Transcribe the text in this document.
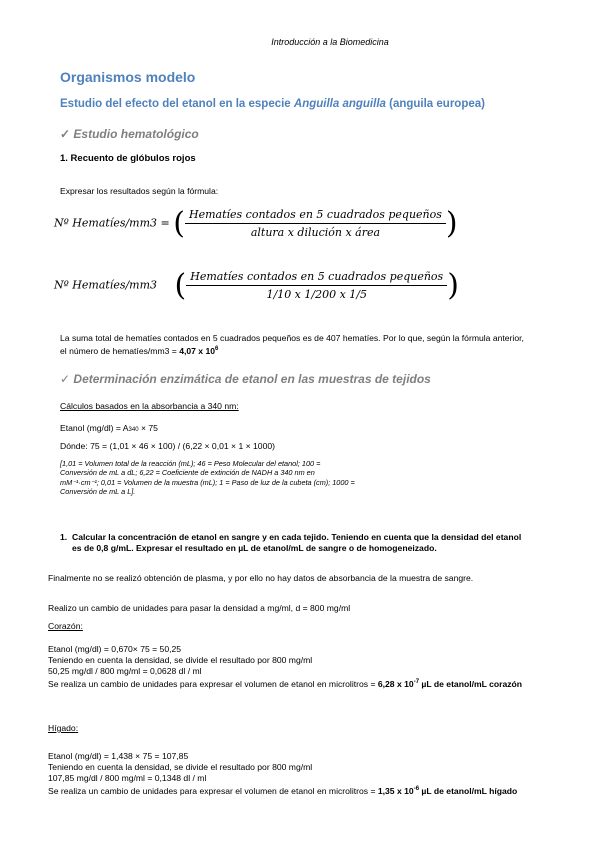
Introducción a la Biomedicina
Organismos modelo
Estudio del efecto del etanol en la especie Anguilla anguilla (anguila europea)
✓ Estudio hematológico
1. Recuento de glóbulos rojos
Expresar los resultados según la fórmula:
Nº Hematíes/mm3 = ( $\frac{\text{Hematíes contados en 5 cuadrados pequeños}}{\text{altura x dilución x área}}$ )
Nº Hematíes/mm3 ( $\frac{\text{Hematíes contados en 5 cuadrados pequeños}}{1/10 x 1/200 x 1/5}$ )
La suma total de hematíes contados en 5 cuadrados pequeños es de 407 hematíes. Por lo que, según la fórmula anterior, el número de hematíes/mm3 = 4,07 x $10^6$
✓ Determinación enzimática de etanol en las muestras de tejidos
Cálculos basados en la absorbancia a 340 nm:
Etanol (mg/dl) = A340 × 75
Dónde: 75 = (1,01 × 46 × 100) / (6,22 × 0,01 × 1 × 1000)
[1,01 = Volumen total de la reacción (mL); 46 = Peso Molecular del etanol; 100 = Conversión de mL a dL; 6,22 = Coeficiente de extinción de NADH a 340 nm en mM⁻¹·cm⁻¹; 0,01 = Volumen de la muestra (mL); 1 = Paso de luz de la cubeta (cm); 1000 = Conversión de mL a L].
1. Calcular la concentración de etanol en sangre y en cada tejido. Teniendo en cuenta que la densidad del etanol es de 0,8 g/mL. Expresar el resultado en µL de etanol/mL de sangre o de homogeneizado.
Finalmente no se realizó obtención de plasma, y por ello no hay datos de absorbancia de la muestra de sangre.
Realizo un cambio de unidades para pasar la densidad a mg/ml, d = 800 mg/ml
Corazón:
Etanol (mg/dl) = 0,670× 75 = 50,25
Teniendo en cuenta la densidad, se divide el resultado por 800 mg/ml
50,25 mg/dl / 800 mg/ml = 0,0628 dl / ml
Se realiza un cambio de unidades para expresar el volumen de etanol en microlitros = 6,28 x $10^{-7}$ µL de etanol/mL corazón
Hígado:
Etanol (mg/dl) = 1,438 × 75 = 107,85
Teniendo en cuenta la densidad, se divide el resultado por 800 mg/ml
107,85 mg/dl / 800 mg/ml = 0,1348 dl / ml
Se realiza un cambio de unidades para expresar el volumen de etanol en microlitros = 1,35 x $10^{-6}$ µL de etanol/mL hígado
